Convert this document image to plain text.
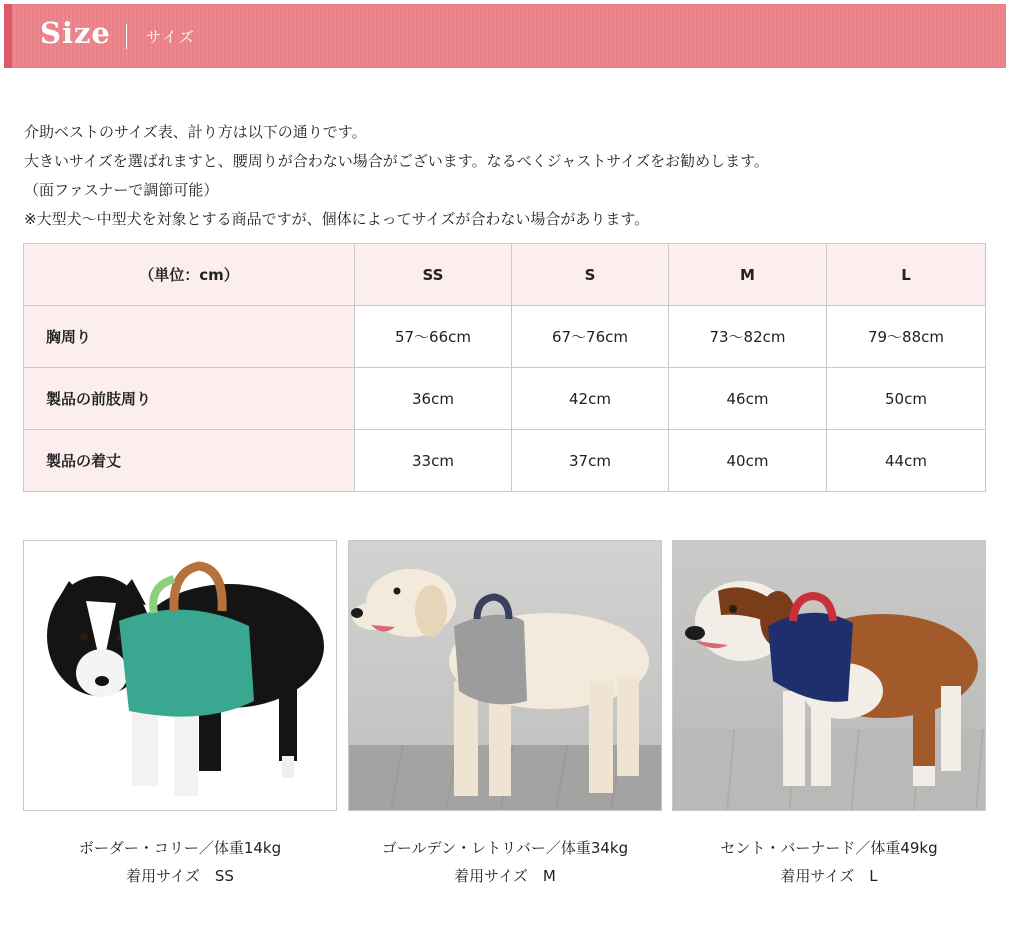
Size サイズ

介助ベストのサイズ表、計り方は以下の通りです。

大きいサイズを選ばれますと、腰周りが合わない場合がございます。なるべくジャストサイズをお勧めします。

（面ファスナーで調節可能）

※大型犬～中型犬を対象とする商品ですが、個体によってサイズが合わない場合があります。

（単位：cm）	SS	S	M	L
胸周り	57～66cm	67～76cm	73～82cm	79～88cm
製品の前肢周り	36cm	42cm	46cm	50cm
製品の着丈	33cm	37cm	40cm	44cm

ボーダー・コリー／体重14kg

着用サイズ　SS

ゴールデン・レトリバー／体重34kg

着用サイズ　M

セント・バーナード／体重49kg

着用サイズ　L
